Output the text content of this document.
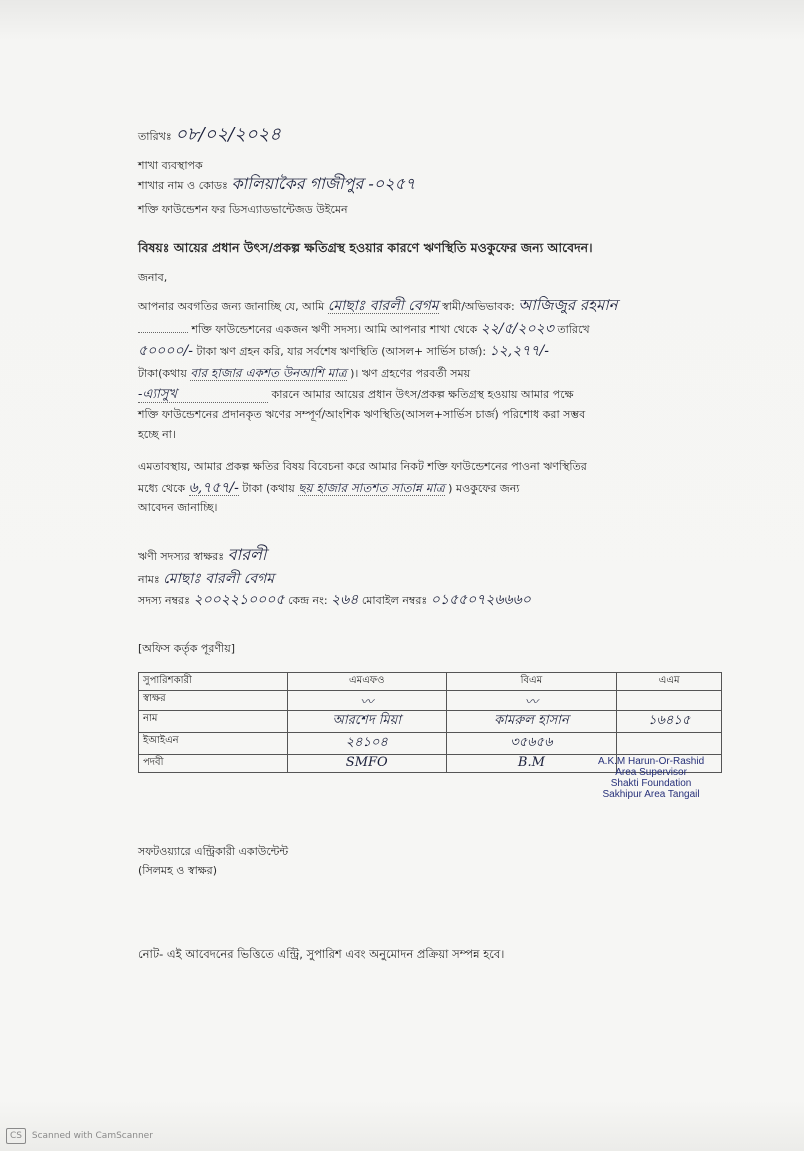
তারিখঃ ০৮/০২/২০২৪
শাখা ব্যবস্থাপক
শাখার নাম ও কোডঃ কালিয়াকৈর গাজীপুর -০২৫৭
শক্তি ফাউন্ডেশন ফর ডিসএ্যাডভান্টেজড উইমেন
বিষয়ঃ আয়ের প্রধান উৎস/প্রকল্প ক্ষতিগ্রস্থ হওয়ার কারণে ঋণস্থিতি মওকুফের জন্য আবেদন।
জনাব,
আপনার অবগতির জন্য জানাচ্ছি যে, আমি মোছাঃ বারলী বেগম স্বামী/অভিভাবক: আজিজুর রহমান
শক্তি ফাউন্ডেশনের একজন ঋণী সদস্য। আমি আপনার শাখা থেকে ২২/৫/২০২৩ তারিখে
৫০০০০/- টাকা ঋণ গ্রহন করি, যার সর্বশেষ ঋণস্থিতি (আসল+ সার্ভিস চার্জ): ১২,২৭৭/-
টাকা(কথায় বার হাজার একশত উনআশি মাত্র )। ঋণ গ্রহণের পরবর্তী সময়
-এ্যাসুখ	কারনে আমার আয়ের প্রধান উৎস/প্রকল্প ক্ষতিগ্রস্থ হওয়ায় আমার পক্ষে
শক্তি ফাউন্ডেশনের প্রদানকৃত ঋণের সম্পূর্ণ/আংশিক ঋণস্থিতি(আসল+সার্ভিস চার্জ) পরিশোধ করা সম্ভব
হচ্ছে না।
এমতাবস্থায়, আমার প্রকল্প ক্ষতির বিষয় বিবেচনা করে আমার নিকট শক্তি ফাউন্ডেশনের পাওনা ঋণস্থিতির
মধ্যে থেকে ৬,৭৫৭/- টাকা (কথায় ছয় হাজার সাতশত সাতান্ন মাত্র ) মওকুফের জন্য
আবেদন জানাচ্ছি।
ঋণী সদস্যর স্বাক্ষরঃ বারলী
নামঃ মোছাঃ বারলী বেগম
সদস্য নম্বরঃ ২০০২২১০০০৫ কেন্দ্র নং: ২৬৪ মোবাইল নম্বরঃ ০১৫৫০৭২৬৬৬০
[অফিস কর্তৃক পূরণীয়]
সুপারিশকারী	এমএফও	বিএম	এএম
স্বাক্ষর	〰	〰	
নাম	আরশেদ মিয়া	কামরুল হাসান	১৬৪১৫
ইআইএন	২৪১০৪	৩৫৬৫৬	
পদবী	SMFO	B.M		A.K.M Harun-Or-Rashid
Area Supervisor
Shakti Foundation
Sakhipur Area Tangail
সফটওয়্যারে এন্ট্রিকারী একাউন্টেন্ট
(সিলমহ ও স্বাক্ষর)
নোট- এই আবেদনের ভিত্তিতে এন্ট্রি, সুপারিশ এবং অনুমোদন প্রক্রিয়া সম্পন্ন হবে।
CS Scanned with CamScanner
